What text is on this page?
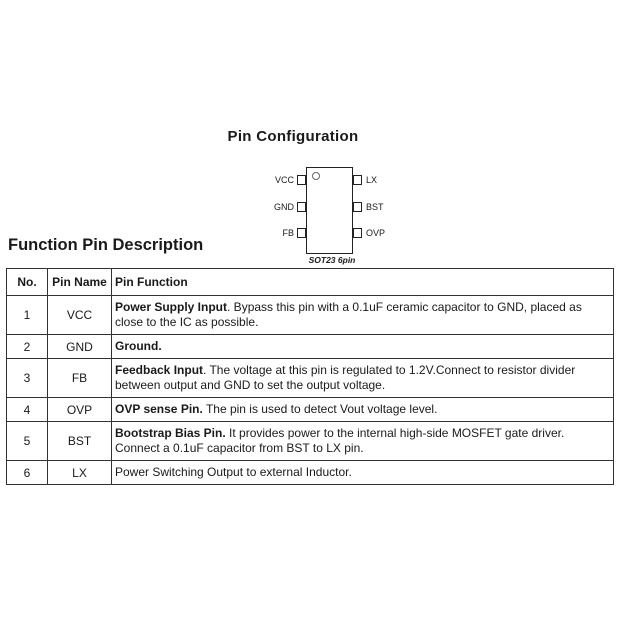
Pin Configuration
VCC
GND
FB
LX
BST
OVP
SOT23 6pin
Function Pin Description
No.	Pin Name	Pin Function
1	VCC	Power Supply Input. Bypass this pin with a 0.1uF ceramic capacitor to GND, placed as close to the IC as possible.
2	GND	Ground.
3	FB	Feedback Input. The voltage at this pin is regulated to 1.2V.Connect to resistor divider between output and GND to set the output voltage.
4	OVP	OVP sense Pin. The pin is used to detect Vout voltage level.
5	BST	Bootstrap Bias Pin. It provides power to the internal high-side MOSFET gate driver. Connect a 0.1uF capacitor from BST to LX pin.
6	LX	Power Switching Output to external Inductor.
